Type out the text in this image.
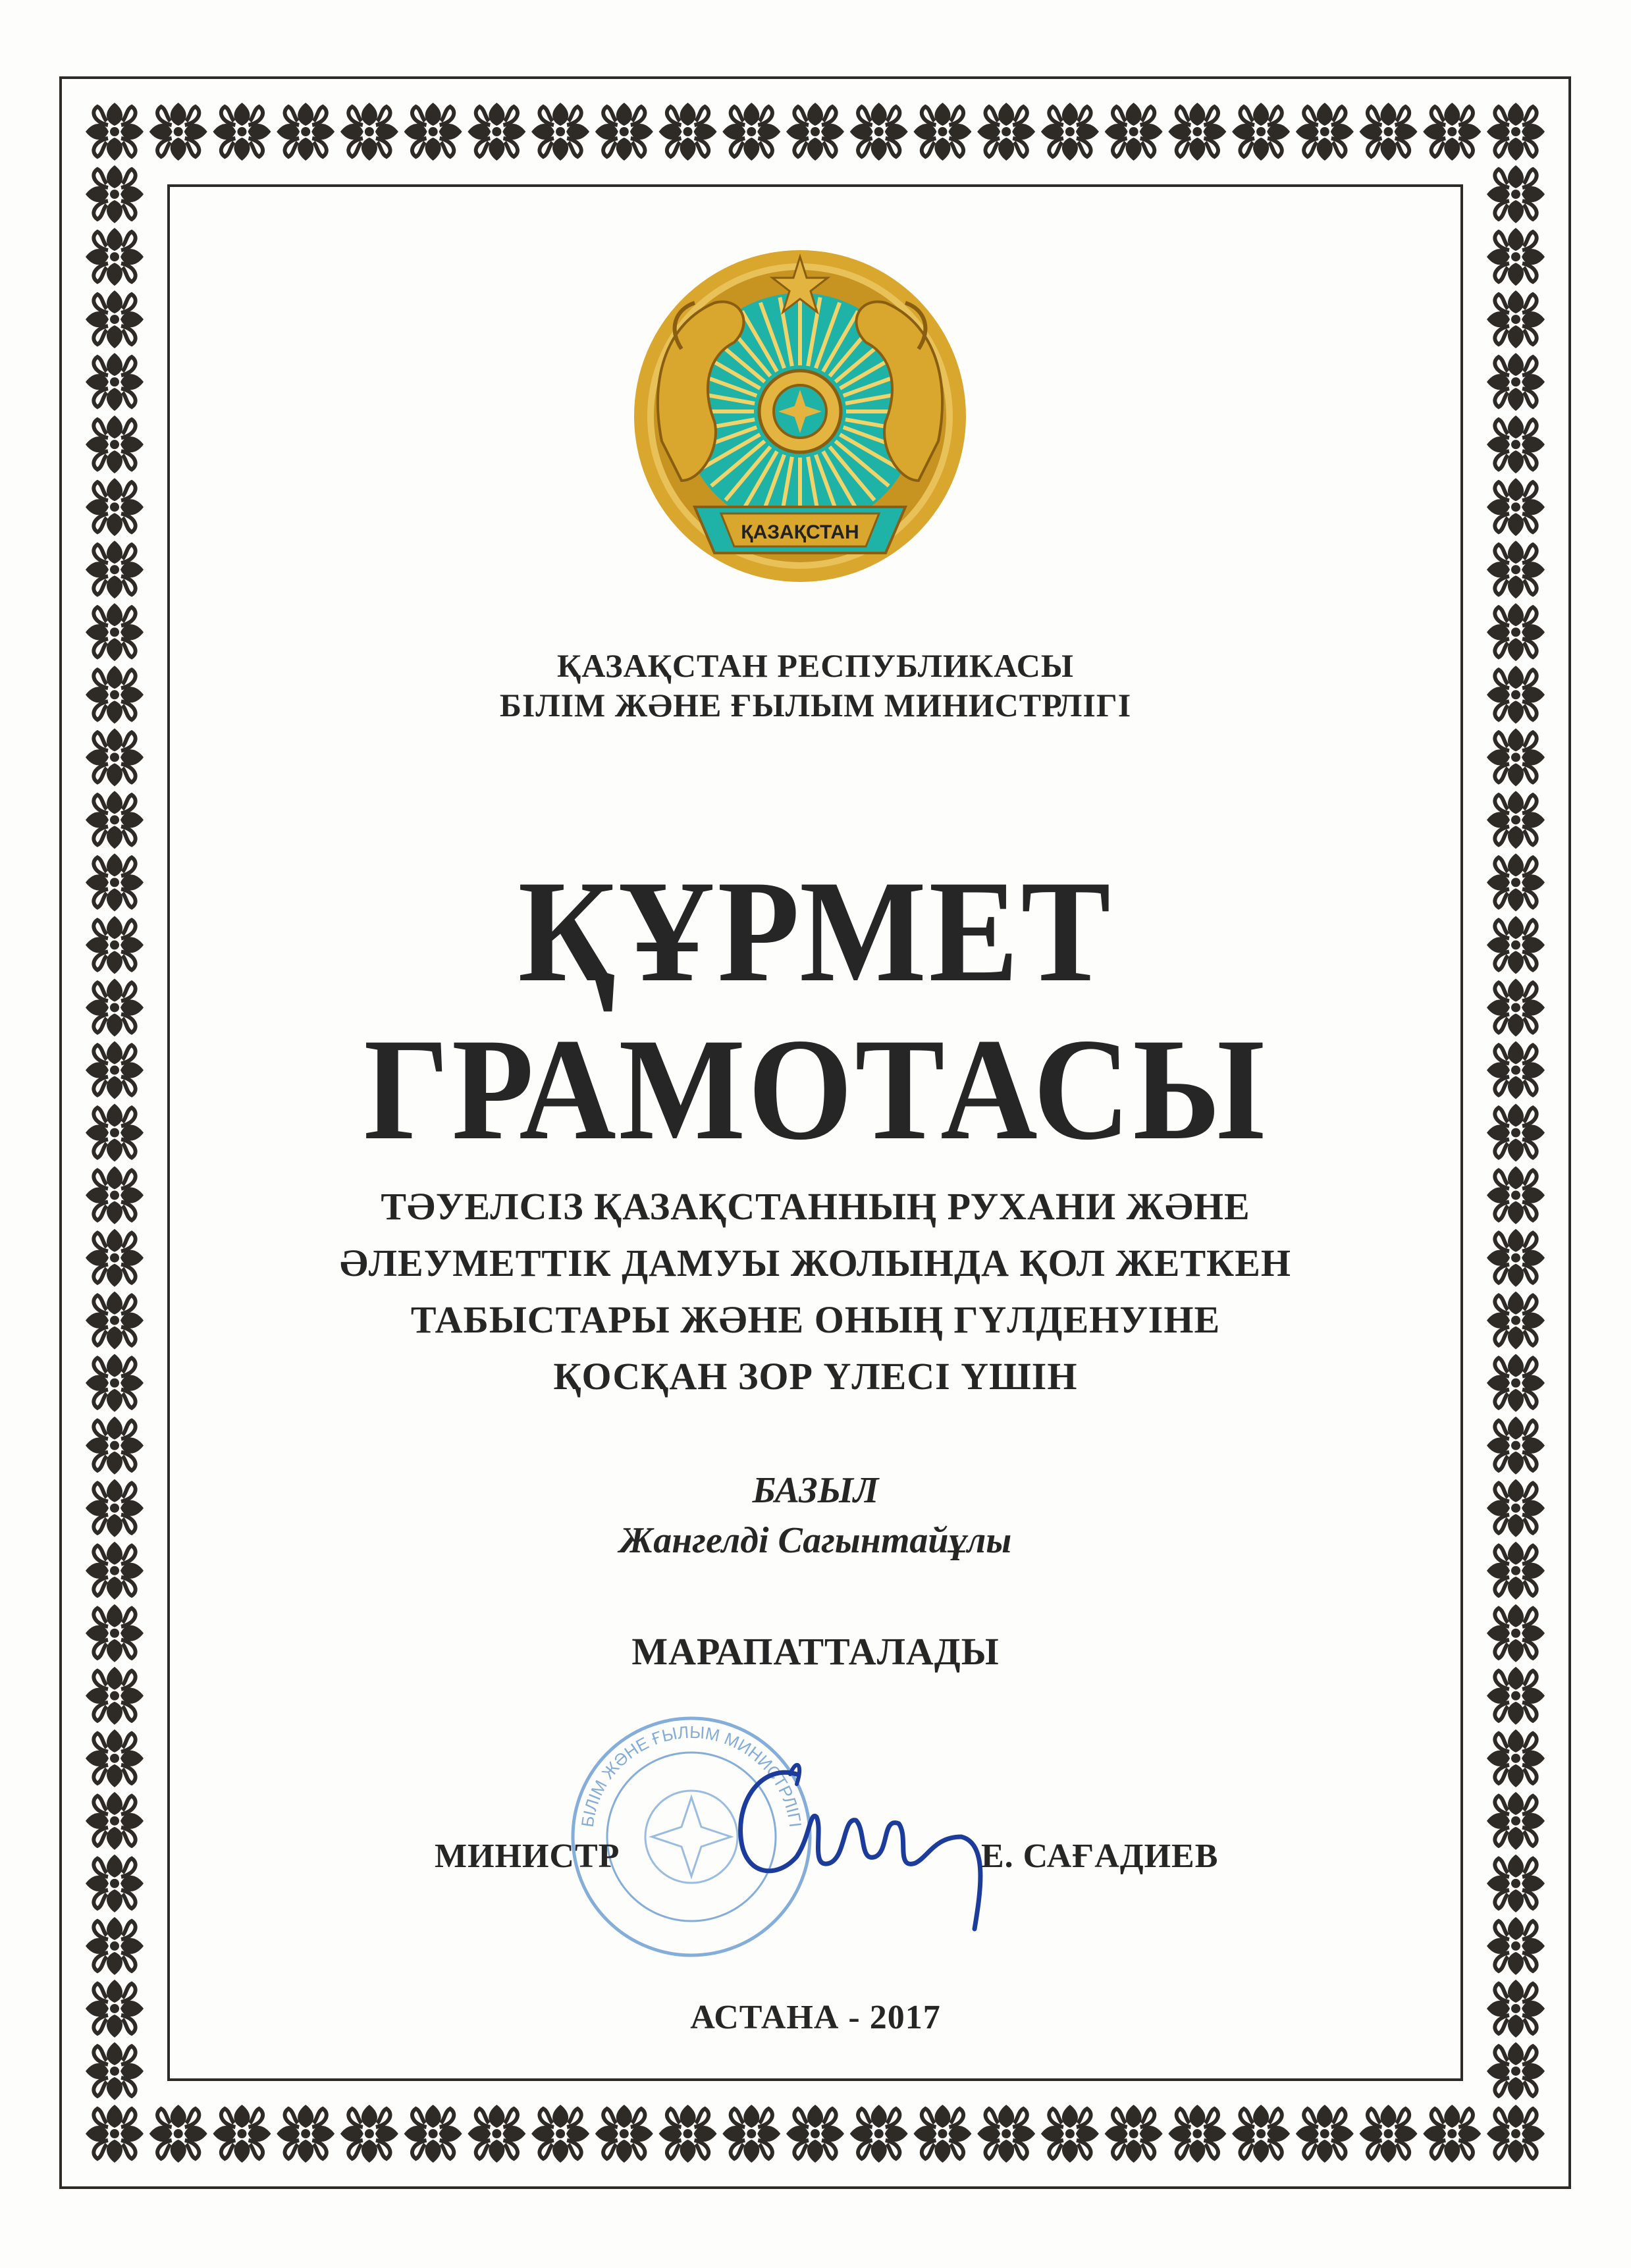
ҚАЗАҚСТАН
ҚАЗАҚСТАН РЕСПУБЛИКАСЫ
БІЛІМ ЖӘНЕ ҒЫЛЫМ МИНИСТРЛІГІ
ҚҰРМЕТ
ГРАМОТАСЫ
ТӘУЕЛСІЗ ҚАЗАҚСТАННЫҢ РУХАНИ ЖӘНЕ
ӘЛЕУМЕТТІК ДАМУЫ ЖОЛЫНДА ҚОЛ ЖЕТКЕН
ТАБЫСТАРЫ ЖӘНЕ ОНЫҢ ГҮЛДЕНУІНЕ
ҚОСҚАН ЗОР ҮЛЕСІ ҮШІН
БАЗЫЛ
Жангелді Сагынтайұлы
МАРАПАТТАЛАДЫ
БІЛІМ ЖӘНЕ ҒЫЛЫМ МИНИСТРЛІГІ
МИНИСТР	Е. САҒАДИЕВ
АСТАНА - 2017
